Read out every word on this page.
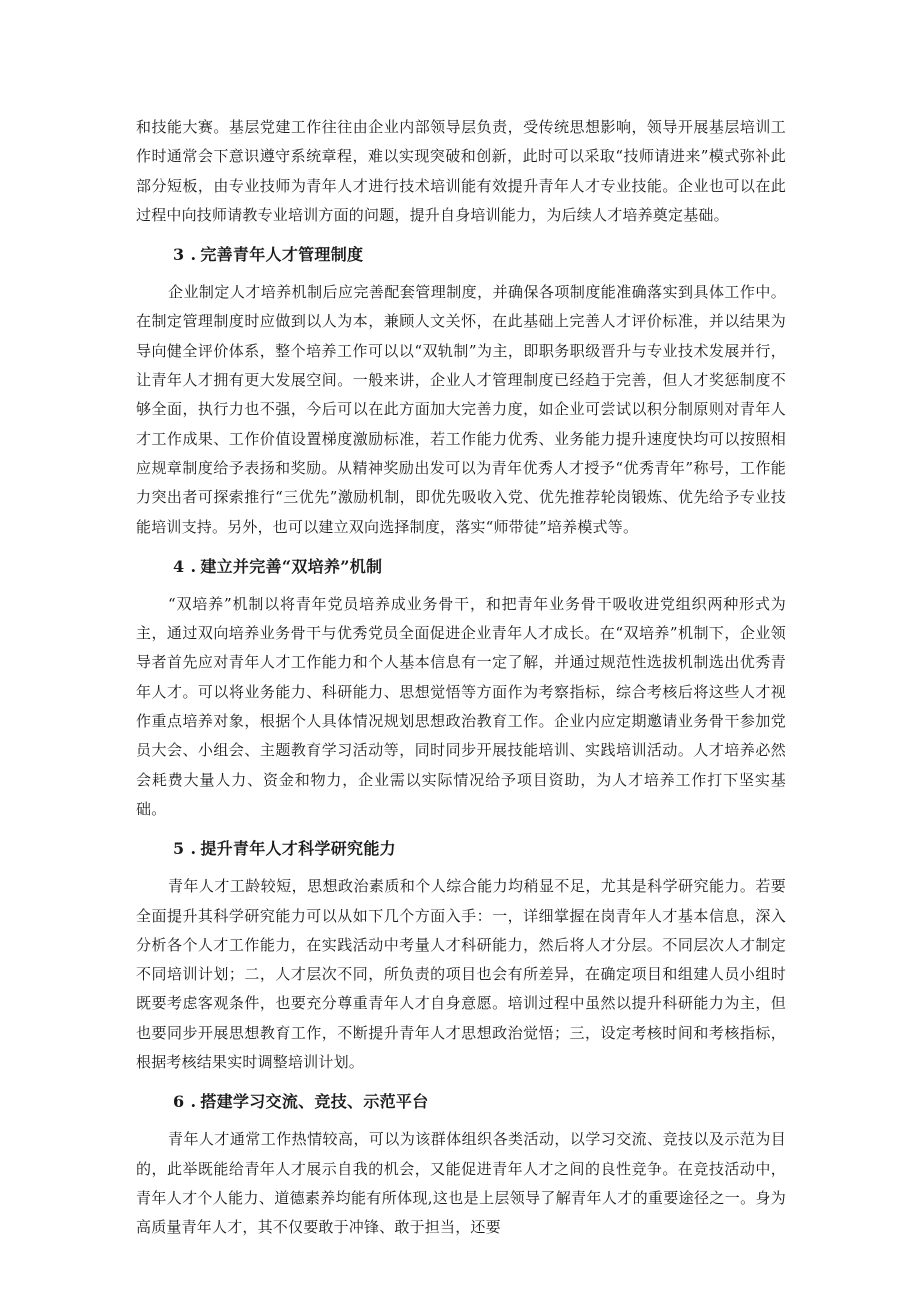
和技能大赛。基层党建工作往往由企业内部领导层负责，受传统思想影响，领导开展基层培训工作时通常会下意识遵守系统章程，难以实现突破和创新，此时可以采取“技师请进来”模式弥补此部分短板，由专业技师为青年人才进行技术培训能有效提升青年人才专业技能。企业也可以在此过程中向技师请教专业培训方面的问题，提升自身培训能力，为后续人才培养奠定基础。

3 . 完善青年人才管理制度

企业制定人才培养机制后应完善配套管理制度，并确保各项制度能准确落实到具体工作中。在制定管理制度时应做到以人为本，兼顾人文关怀，在此基础上完善人才评价标准，并以结果为导向健全评价体系，整个培养工作可以以“双轨制”为主，即职务职级晋升与专业技术发展并行，让青年人才拥有更大发展空间。一般来讲，企业人才管理制度已经趋于完善，但人才奖惩制度不够全面，执行力也不强，今后可以在此方面加大完善力度，如企业可尝试以积分制原则对青年人才工作成果、工作价值设置梯度激励标准，若工作能力优秀、业务能力提升速度快均可以按照相应规章制度给予表扬和奖励。从精神奖励出发可以为青年优秀人才授予“优秀青年”称号，工作能力突出者可探索推行“三优先”激励机制，即优先吸收入党、优先推荐轮岗锻炼、优先给予专业技能培训支持。另外，也可以建立双向选择制度，落实“师带徒”培养模式等。

4 . 建立并完善“双培养”机制

“双培养”机制以将青年党员培养成业务骨干，和把青年业务骨干吸收进党组织两种形式为主，通过双向培养业务骨干与优秀党员全面促进企业青年人才成长。在“双培养”机制下，企业领导者首先应对青年人才工作能力和个人基本信息有一定了解，并通过规范性选拔机制选出优秀青年人才。可以将业务能力、科研能力、思想觉悟等方面作为考察指标，综合考核后将这些人才视作重点培养对象，根据个人具体情况规划思想政治教育工作。企业内应定期邀请业务骨干参加党员大会、小组会、主题教育学习活动等，同时同步开展技能培训、实践培训活动。人才培养必然会耗费大量人力、资金和物力，企业需以实际情况给予项目资助，为人才培养工作打下坚实基础。

5 . 提升青年人才科学研究能力

青年人才工龄较短，思想政治素质和个人综合能力均稍显不足，尤其是科学研究能力。若要全面提升其科学研究能力可以从如下几个方面入手：一，详细掌握在岗青年人才基本信息，深入分析各个人才工作能力，在实践活动中考量人才科研能力，然后将人才分层。不同层次人才制定不同培训计划；二，人才层次不同，所负责的项目也会有所差异，在确定项目和组建人员小组时既要考虑客观条件，也要充分尊重青年人才自身意愿。培训过程中虽然以提升科研能力为主，但也要同步开展思想教育工作，不断提升青年人才思想政治觉悟；三，设定考核时间和考核指标，根据考核结果实时调整培训计划。

6 . 搭建学习交流、竞技、示范平台

青年人才通常工作热情较高，可以为该群体组织各类活动，以学习交流、竞技以及示范为目的，此举既能给青年人才展示自我的机会，又能促进青年人才之间的良性竞争。在竞技活动中，青年人才个人能力、道德素养均能有所体现,这也是上层领导了解青年人才的重要途径之一。身为高质量青年人才，其不仅要敢于冲锋、敢于担当，还要
